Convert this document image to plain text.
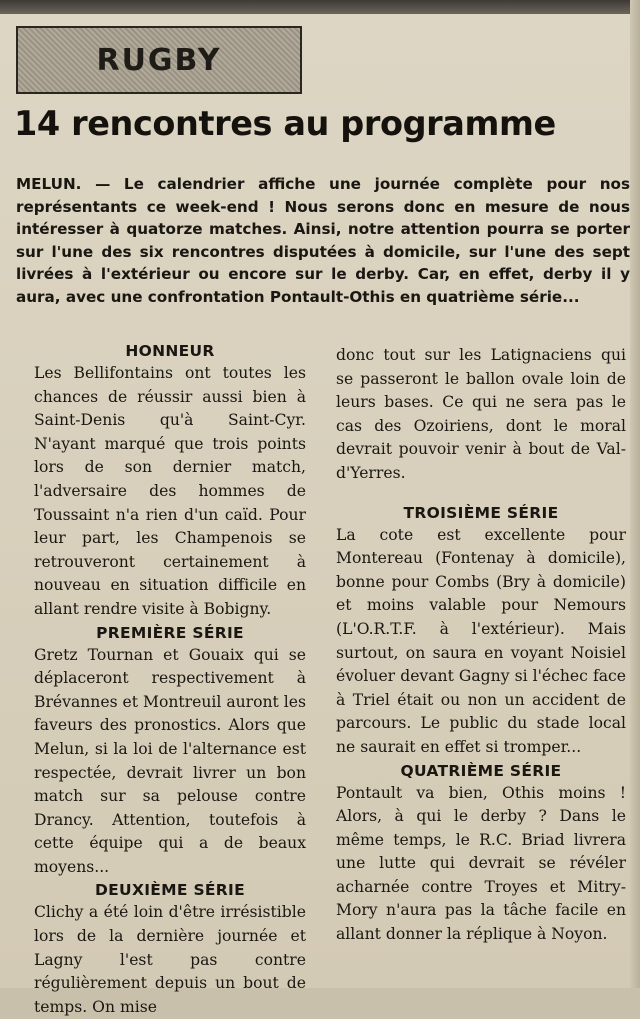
RUGBY
14 rencontres au programme

MELUN. — Le calendrier affiche une journée complète pour nos représentants ce week-end ! Nous serons donc en mesure de nous intéresser à quatorze matches. Ainsi, notre attention pourra se porter sur l'une des six rencontres disputées à domicile, sur l'une des sept livrées à l'extérieur ou encore sur le derby. Car, en effet, derby il y aura, avec une confrontation Pontault-Othis en quatrième série...

HONNEUR

Les Bellifontains ont toutes les chances de réussir aussi bien à Saint-Denis qu'à Saint-Cyr. N'ayant marqué que trois points lors de son dernier match, l'adversaire des hommes de Toussaint n'a rien d'un caïd. Pour leur part, les Champenois se retrouveront certainement à nouveau en situation difficile en allant rendre visite à Bobigny.

PREMIÈRE SÉRIE

Gretz Tournan et Gouaix qui se déplaceront respectivement à Brévannes et Montreuil auront les faveurs des pronostics. Alors que Melun, si la loi de l'alternance est respectée, devrait livrer un bon match sur sa pelouse contre Drancy. Attention, toutefois à cette équipe qui a de beaux moyens...

DEUXIÈME SÉRIE

Clichy a été loin d'être irrésistible lors de la dernière journée et Lagny l'est pas contre régulièrement depuis un bout de temps. On mise

donc tout sur les Latignaciens qui se passeront le ballon ovale loin de leurs bases. Ce qui ne sera pas le cas des Ozoiriens, dont le moral devrait pouvoir venir à bout de Val-d'Yerres.

TROISIÈME SÉRIE

La cote est excellente pour Montereau (Fontenay à domicile), bonne pour Combs (Bry à domicile) et moins valable pour Nemours (L'O.R.T.F. à l'extérieur). Mais surtout, on saura en voyant Noisiel évoluer devant Gagny si l'échec face à Triel était ou non un accident de parcours. Le public du stade local ne saurait en effet si tromper...

QUATRIÈME SÉRIE

Pontault va bien, Othis moins ! Alors, à qui le derby ? Dans le même temps, le R.C. Briad livrera une lutte qui devrait se révéler acharnée contre Troyes et Mitry-Mory n'aura pas la tâche facile en allant donner la réplique à Noyon.
